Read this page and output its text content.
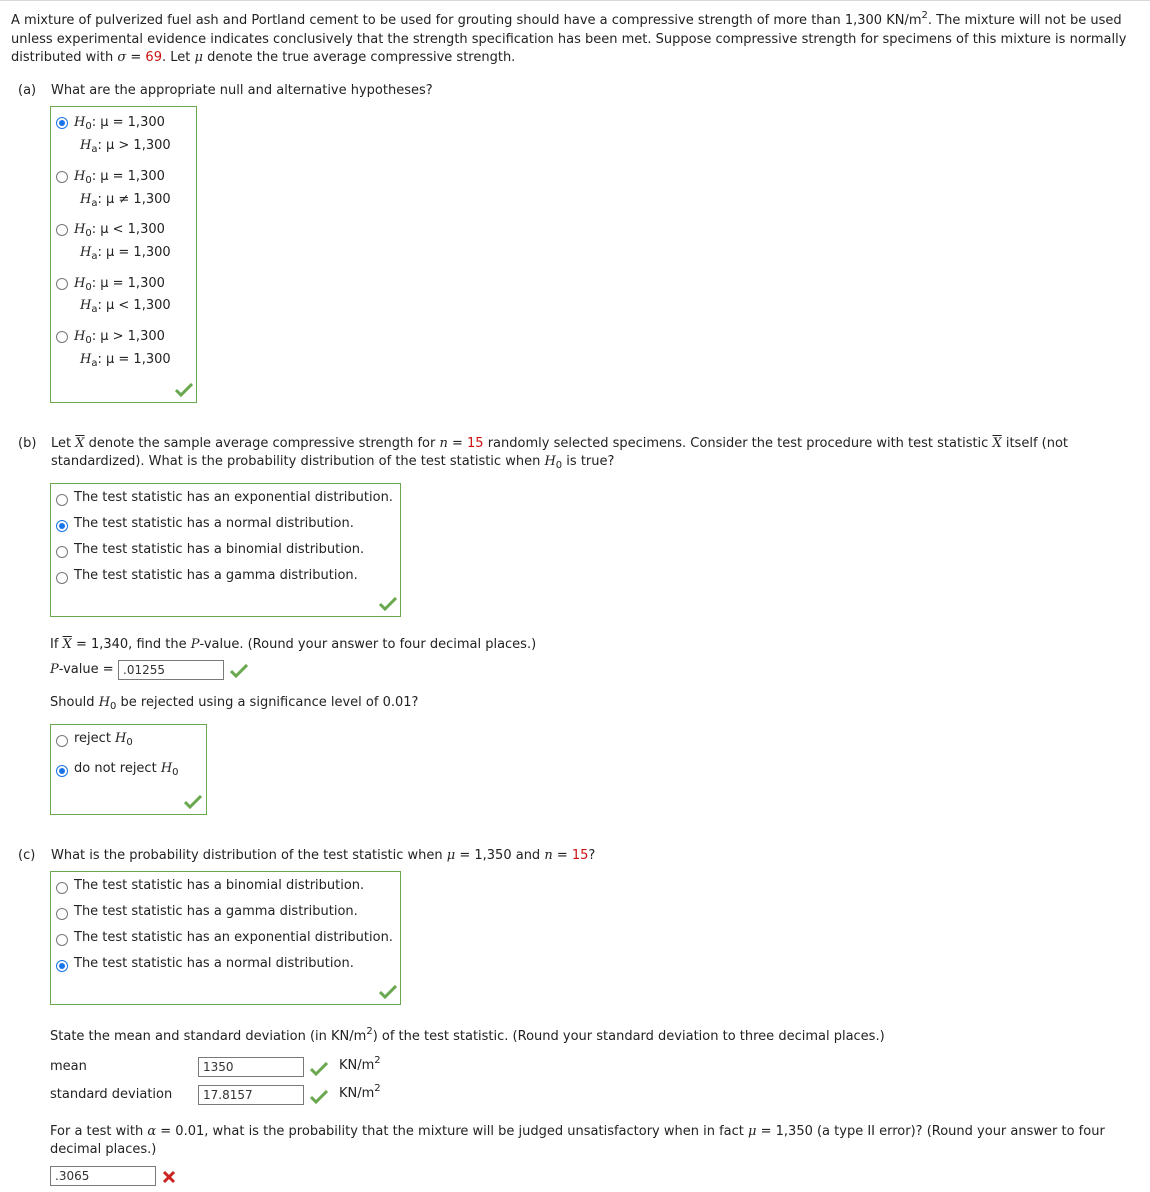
A mixture of pulverized fuel ash and Portland cement to be used for grouting should have a compressive strength of more than 1,300 $KN/m^2$. The mixture will not be used unless experimental evidence indicates conclusively that the strength specification has been met. Suppose compressive strength for specimens of this mixture is normally distributed with σ = 69. Let μ denote the true average compressive strength.
(a) What are the appropriate null and alternative hypotheses?
$H_0$: μ = 1,300
$H_a$: μ > 1,300
$H_0$: μ = 1,300
$H_a$: μ ≠ 1,300
$H_0$: μ < 1,300
$H_a$: μ = 1,300
$H_0$: μ = 1,300
$H_a$: μ < 1,300
$H_0$: μ > 1,300
$H_a$: μ = 1,300
(b)	Let $\overline{X}$ denote the sample average compressive strength for n = 15 randomly selected specimens. Consider the test procedure with test statistic $\overline{X}$ itself (not standardized). What is the probability distribution of the test statistic when $H_0$ is true?
The test statistic has an exponential distribution.
The test statistic has a normal distribution.
The test statistic has a binomial distribution.
The test statistic has a gamma distribution.
If $\overline{X} = 1,340$, find the P-value. (Round your answer to four decimal places.)
P-value = .01255
Should $H_0$ be rejected using a significance level of 0.01?
reject $H_0$
do not reject $H_0$
(c) What is the probability distribution of the test statistic when μ = 1,350 and n = 15?
The test statistic has a binomial distribution.
The test statistic has a gamma distribution.
The test statistic has an exponential distribution.
The test statistic has a normal distribution.
State the mean and standard deviation (in $KN/m^2$) of the test statistic. (Round your standard deviation to three decimal places.)
mean	1350	$KN/m^2$
standard deviation	17.8157	$KN/m^2$
For a test with α = 0.01, what is the probability that the mixture will be judged unsatisfactory when in fact μ = 1,350 (a type II error)? (Round your answer to four decimal places.)
.3065
